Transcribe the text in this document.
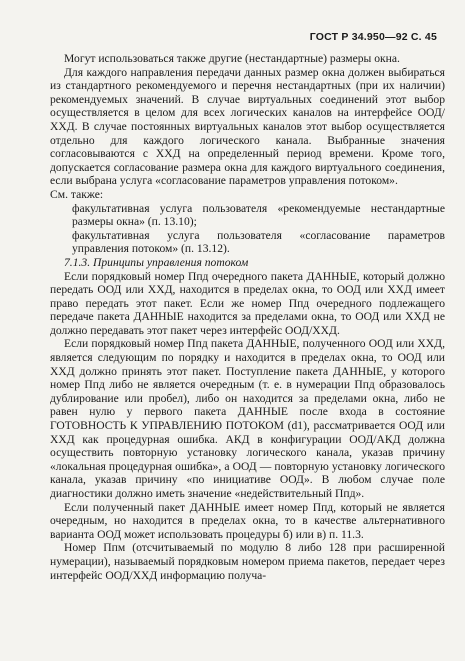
ГОСТ Р 34.950—92 С. 45

Могут использоваться также другие (нестандартные) размеры окна.

Для каждого направления передачи данных размер окна должен выбираться из стандартного рекомендуемого и перечня нестандартных (при их наличии) рекомендуемых значений. В случае виртуальных соединений этот выбор осуществляется в целом для всех логических каналов на интерфейсе ООД/ХХД. В случае постоянных виртуальных каналов этот выбор осуществляется отдельно для каждого логического канала. Выбранные значения согласовываются с ХХД на определенный период времени. Кроме того, допускается согласование размера окна для каждого виртуального соединения, если выбрана услуга «согласование параметров управления потоком».

См. также:

факультативная услуга пользователя «рекомендуемые нестандартные размеры окна» (п. 13.10);

факультативная услуга пользователя «согласование параметров управления потоком» (п. 13.12).

7.1.3. Принципы управления потоком

Если порядковый номер Ппд очередного пакета ДАННЫЕ, который должно передать ООД или ХХД, находится в пределах окна, то ООД или ХХД имеет право передать этот пакет. Если же номер Ппд очередного подлежащего передаче пакета ДАННЫЕ находится за пределами окна, то ООД или ХХД не должно передавать этот пакет через интерфейс ООД/ХХД.

Если порядковый номер Ппд пакета ДАННЫЕ, полученного ООД или ХХД, является следующим по порядку и находится в пределах окна, то ООД или ХХД должно принять этот пакет. Поступление пакета ДАННЫЕ, у которого номер Ппд либо не является очередным (т. е. в нумерации Ппд образовалось дублирование или пробел), либо он находится за пределами окна, либо не равен нулю у первого пакета ДАННЫЕ после входа в состояние ГОТОВНОСТЬ К УПРАВЛЕНИЮ ПОТОКОМ (d1), рассматривается ООД или ХХД как процедурная ошибка. АКД в конфигурации ООД/АКД должна осуществить повторную установку логического канала, указав причину «локальная процедурная ошибка», а ООД — повторную установку логического канала, указав причину «по инициативе ООД». В любом случае поле диагностики должно иметь значение «недействительный Ппд».

Если полученный пакет ДАННЫЕ имеет номер Ппд, который не является очередным, но находится в пределах окна, то в качестве альтернативного варианта ООД может использовать процедуры б) или в) п. 11.3.

Номер Ппм (отсчитываемый по модулю 8 либо 128 при расширенной нумерации), называемый порядковым номером приема пакетов, передает через интерфейс ООД/ХХД информацию получа-
